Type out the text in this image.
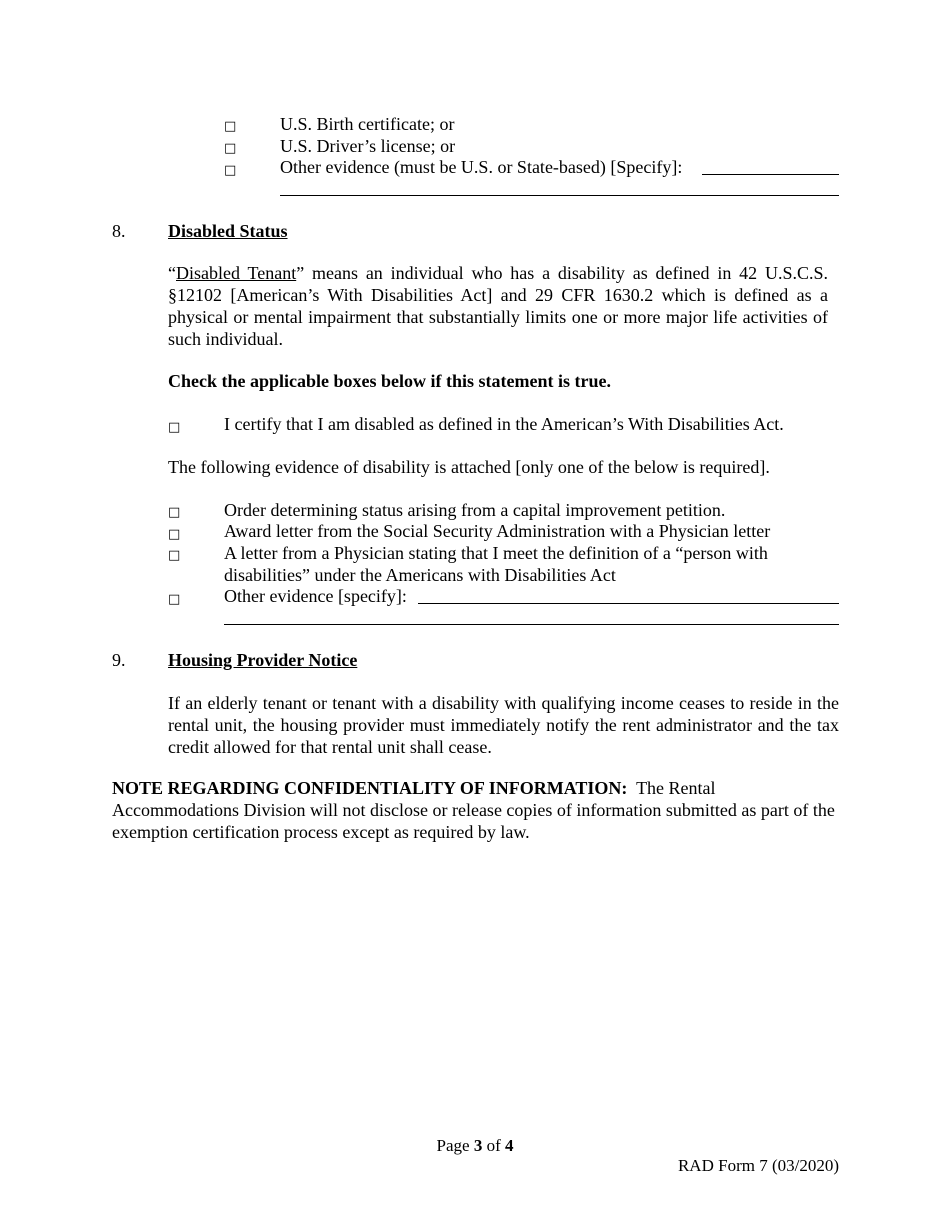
□ U.S. Birth certificate; or
□ U.S. Driver’s license; or
□ Other evidence (must be U.S. or State-based) [Specify]:
8. Disabled Status
“Disabled Tenant” means an individual who has a disability as defined in 42 U.S.C.S. §12102 [American’s With Disabilities Act] and 29 CFR 1630.2 which is defined as a physical or mental impairment that substantially limits one or more major life activities of such individual.
Check the applicable boxes below if this statement is true.
□ I certify that I am disabled as defined in the American’s With Disabilities Act.
The following evidence of disability is attached [only one of the below is required].
□ Order determining status arising from a capital improvement petition.
□ Award letter from the Social Security Administration with a Physician letter
□ A letter from a Physician stating that I meet the definition of a “person with disabilities” under the Americans with Disabilities Act
□ Other evidence [specify]:
9. Housing Provider Notice
If an elderly tenant or tenant with a disability with qualifying income ceases to reside in the rental unit, the housing provider must immediately notify the rent administrator and the tax credit allowed for that rental unit shall cease.
NOTE REGARDING CONFIDENTIALITY OF INFORMATION: The Rental Accommodations Division will not disclose or release copies of information submitted as part of the exemption certification process except as required by law.
Page 3 of 4
RAD Form 7 (03/2020)
